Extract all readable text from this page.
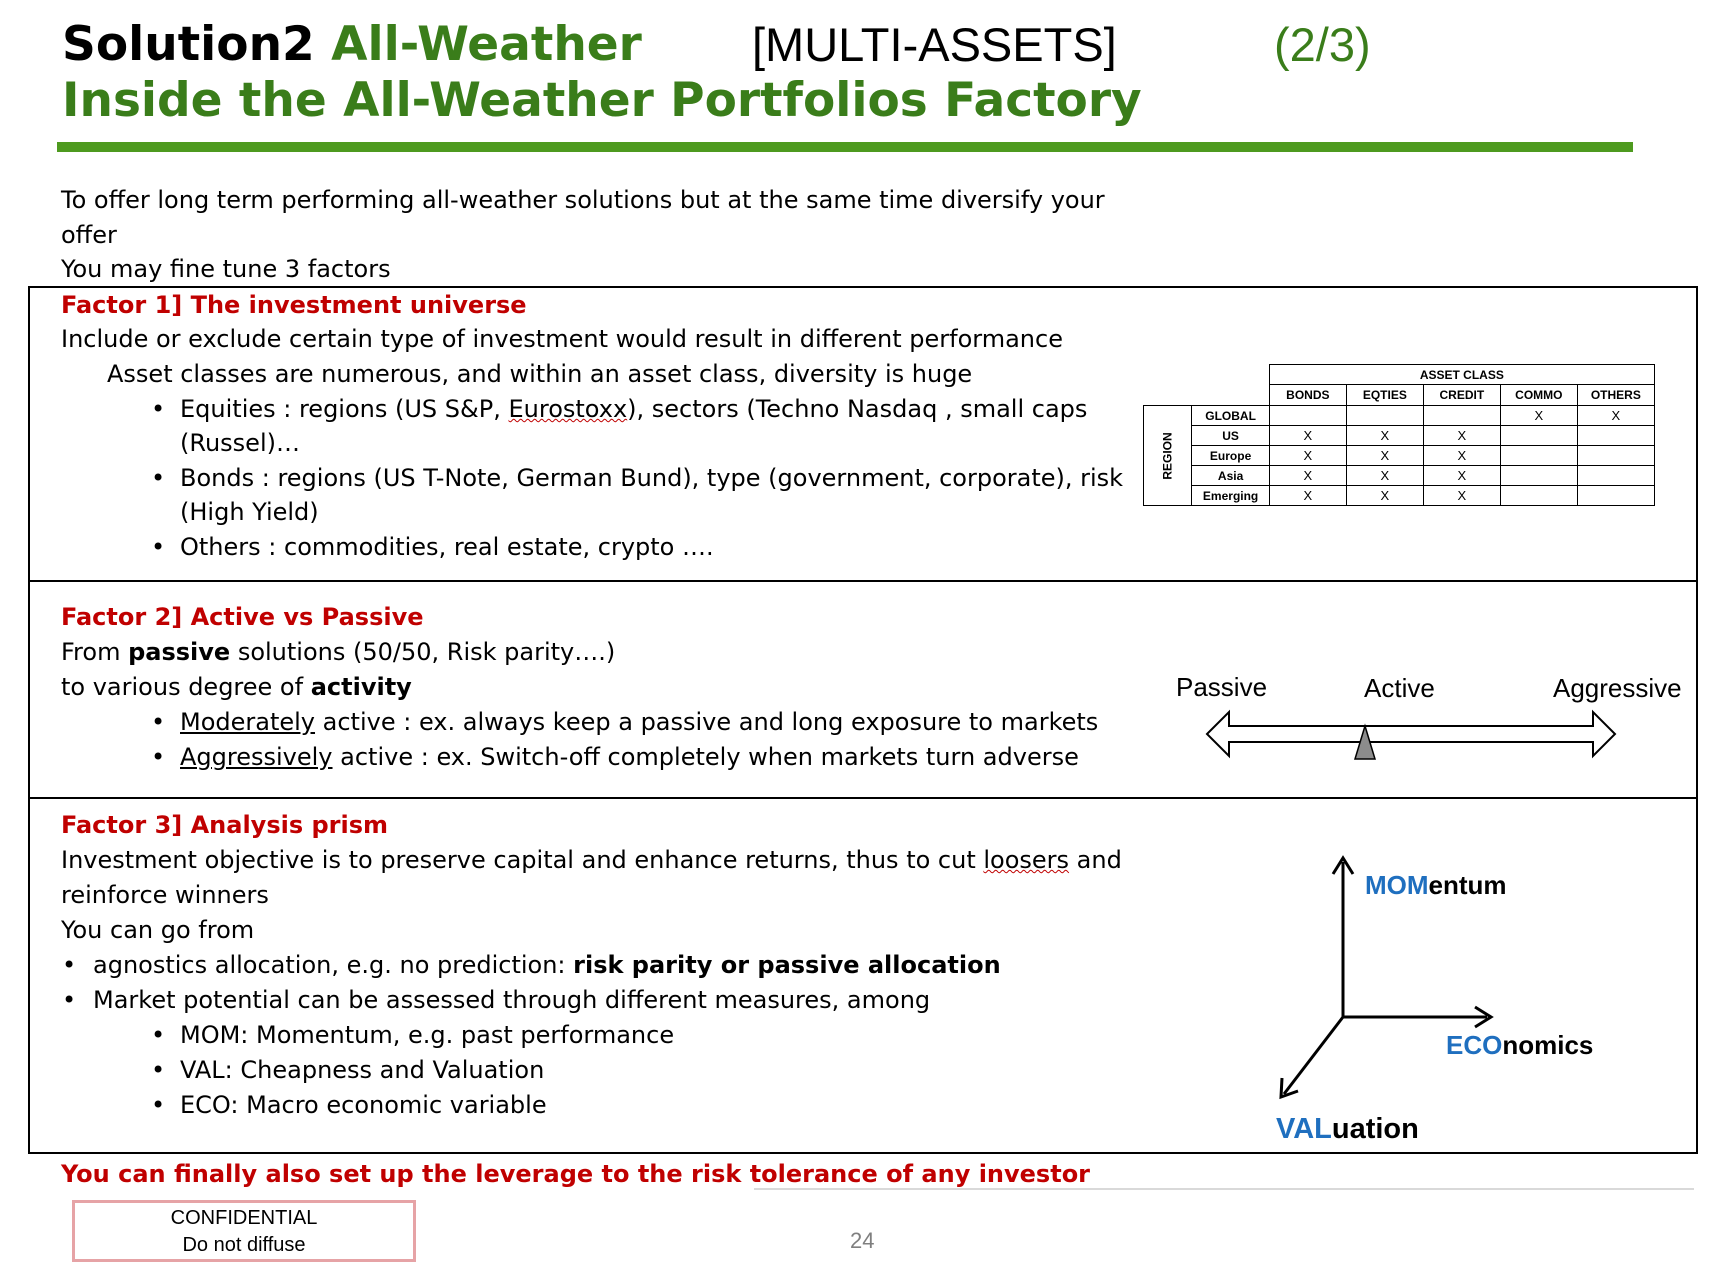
Solution2 All-Weather [MULTI-ASSETS]	(2/3)
Inside the All-Weather Portfolios Factory
To offer long term performing all-weather solutions but at the same time diversify your
offer
You may fine tune 3 factors
Factor 1] The investment universe
Include or exclude certain type of investment would result in different performance
Asset classes are numerous, and within an asset class, diversity is huge
• Equities : regions (US S&P, Eurostoxx), sectors (Techno Nasdaq , small caps
(Russel)…
• Bonds : regions (US T-Note, German Bund), type (government, corporate), risk
(High Yield)
• Others : commodities, real estate, crypto ….
		ASSET CLASS				
		BONDS	EQTIES	CREDIT	COMMO	OTHERS

REGION	GLOBAL				X	X
	US	X	X	X		
	Europe	X	X	X		
	Asia	X	X	X		
	Emerging	X	X	X		
Factor 2] Active vs Passive
From passive solutions (50/50, Risk parity….)
to various degree of activity
• Moderately active : ex. always keep a passive and long exposure to markets
• Aggressively active : ex. Switch-off completely when markets turn adverse
Passive	Active	Aggressive
Factor 3] Analysis prism
Investment objective is to preserve capital and enhance returns, thus to cut loosers and
reinforce winners
You can go from
• agnostics allocation, e.g. no prediction: risk parity or passive allocation
• Market potential can be assessed through different measures, among
• MOM: Momentum, e.g. past performance
• VAL: Cheapness and Valuation
• ECO: Macro economic variable
MOMentum
ECOnomics
VALuation
You can finally also set up the leverage to the risk tolerance of any investor
CONFIDENTIAL
Do not diffuse	24
